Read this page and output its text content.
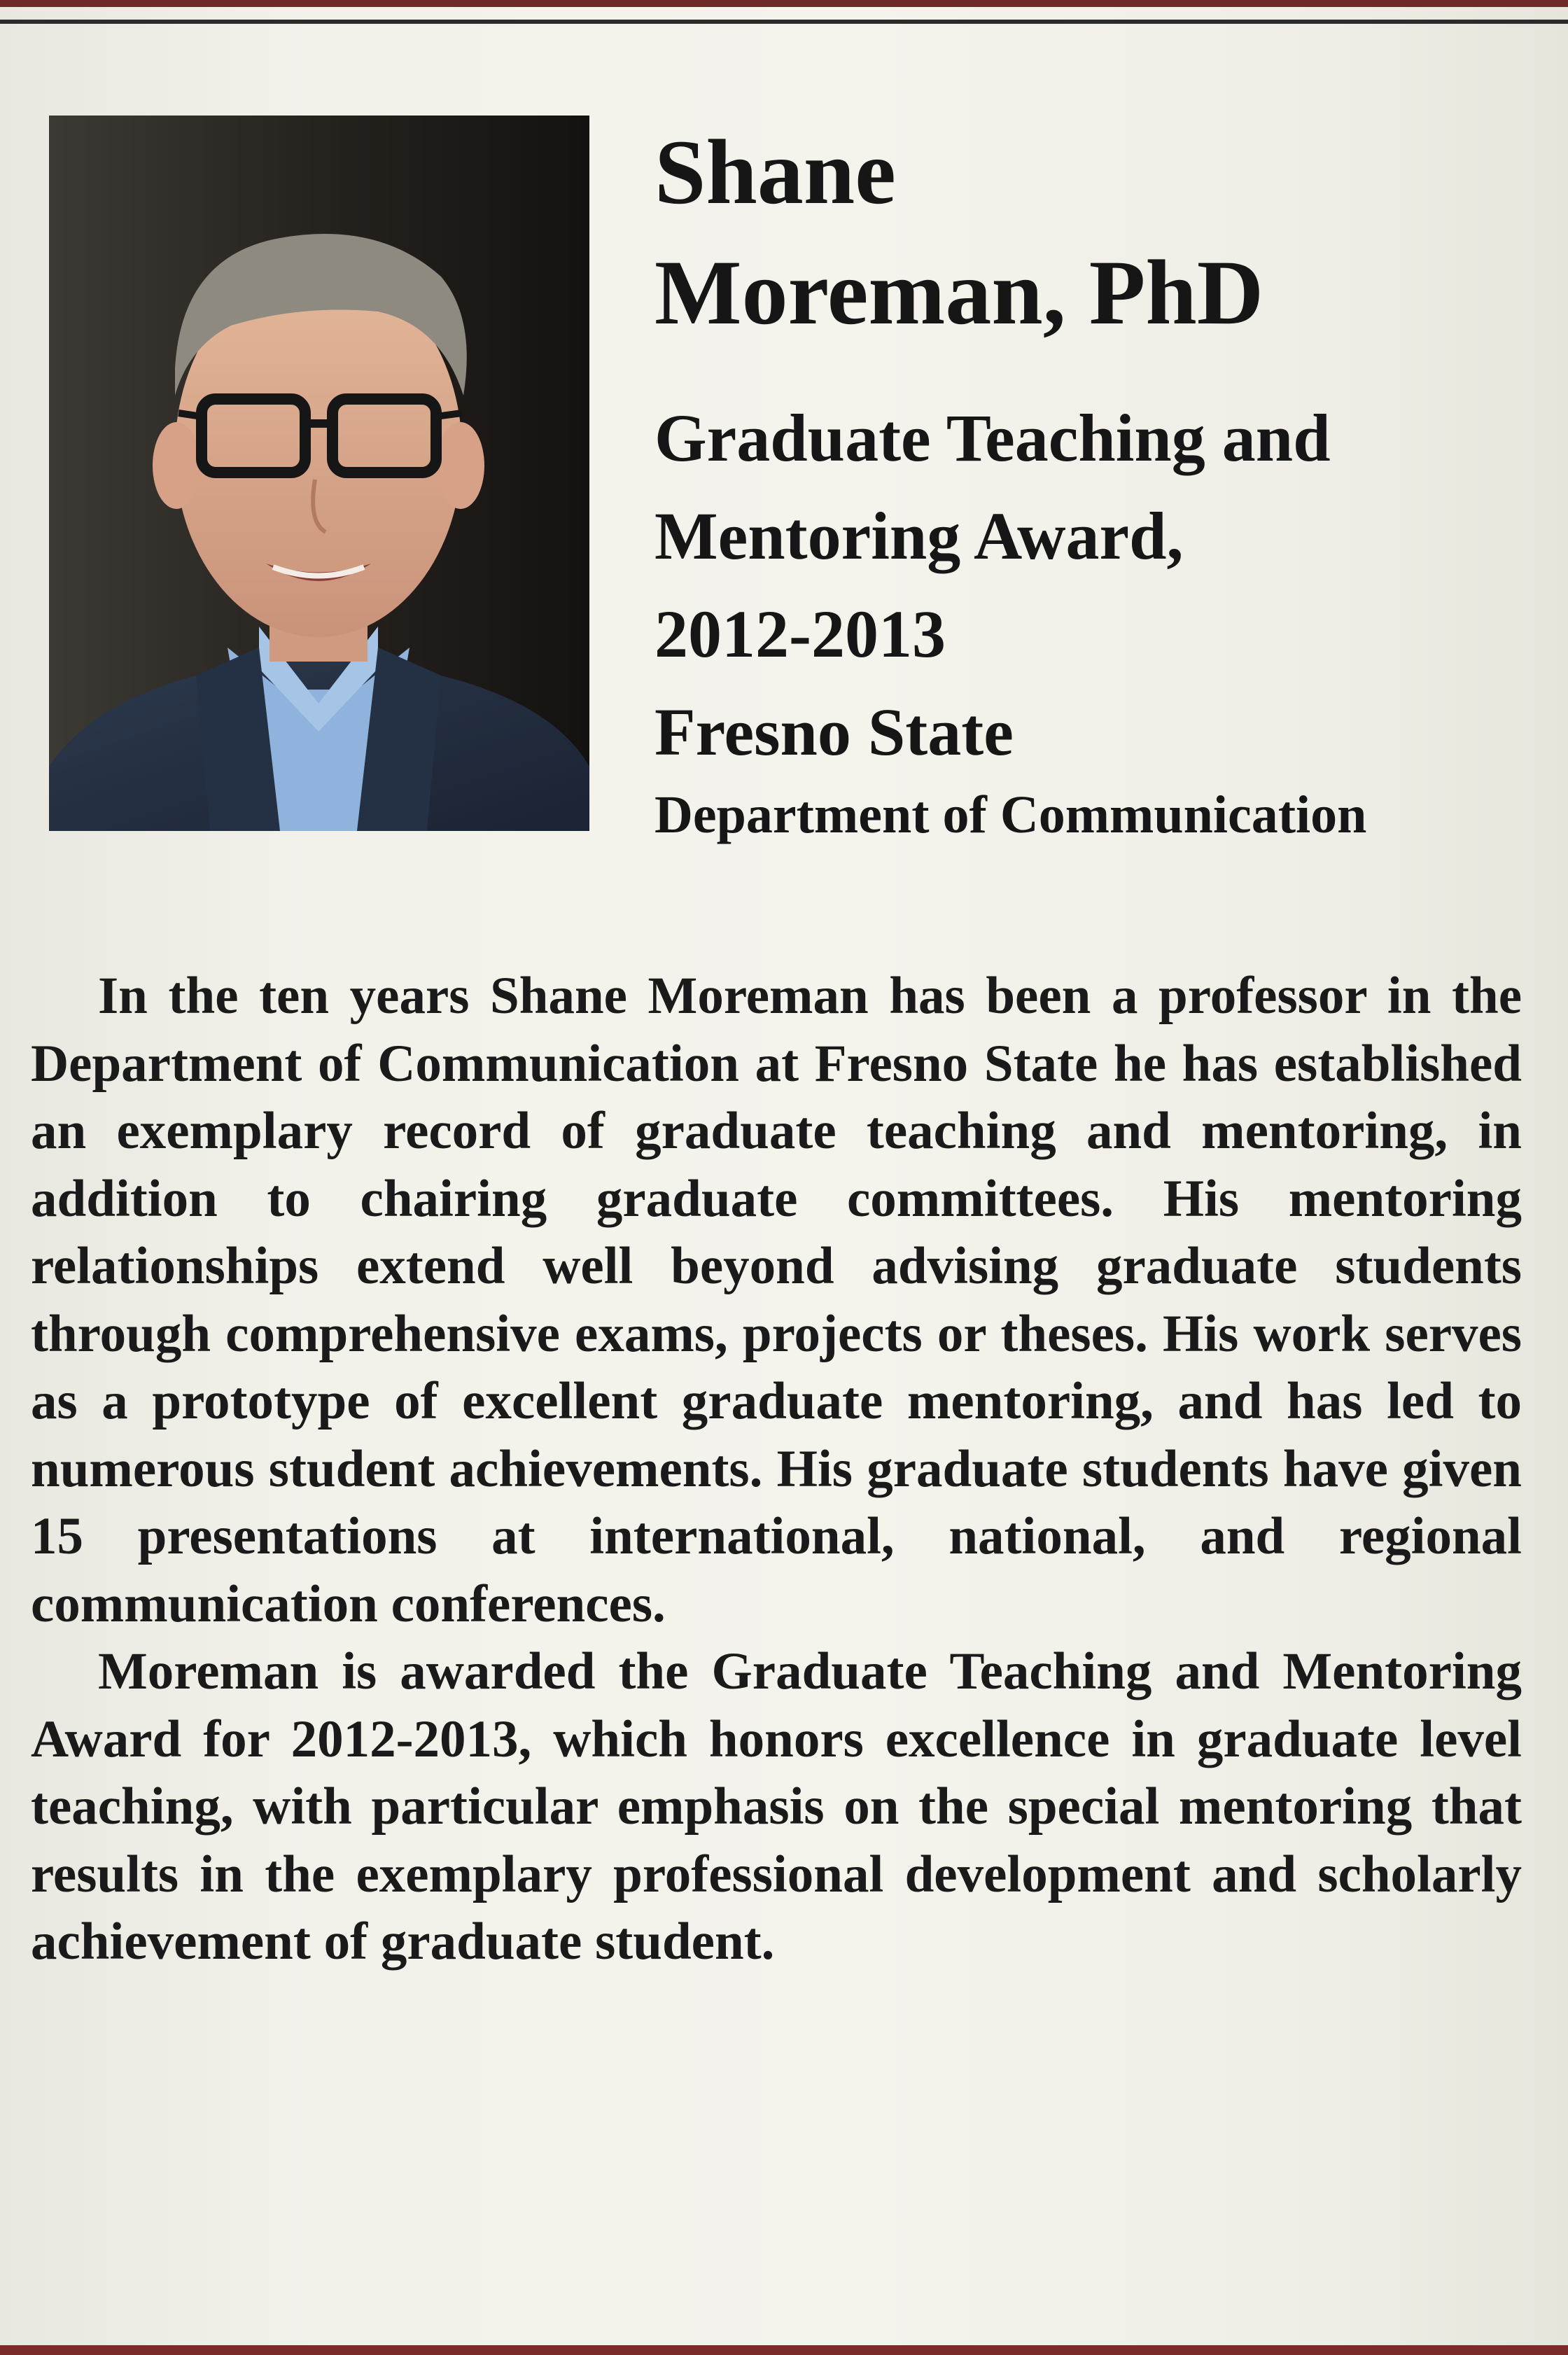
Shane
Moreman, PhD
Graduate Teaching and
Mentoring Award,
2012-2013
Fresno State
Department of Communication

In the ten years Shane Moreman has been a professor in the Department of Communication at Fresno State he has established an exemplary record of graduate teaching and mentoring, in addition to chairing graduate committees. His mentoring relationships extend well beyond advising graduate students through comprehensive exams, projects or theses. His work serves as a prototype of excellent graduate mentoring, and has led to numerous student achievements. His graduate students have given 15 presentations at international, national, and regional communication conferences.

Moreman is awarded the Graduate Teaching and Mentoring Award for 2012-2013, which honors excellence in graduate level teaching, with particular emphasis on the special mentoring that results in the exemplary professional development and scholarly achievement of graduate student.
